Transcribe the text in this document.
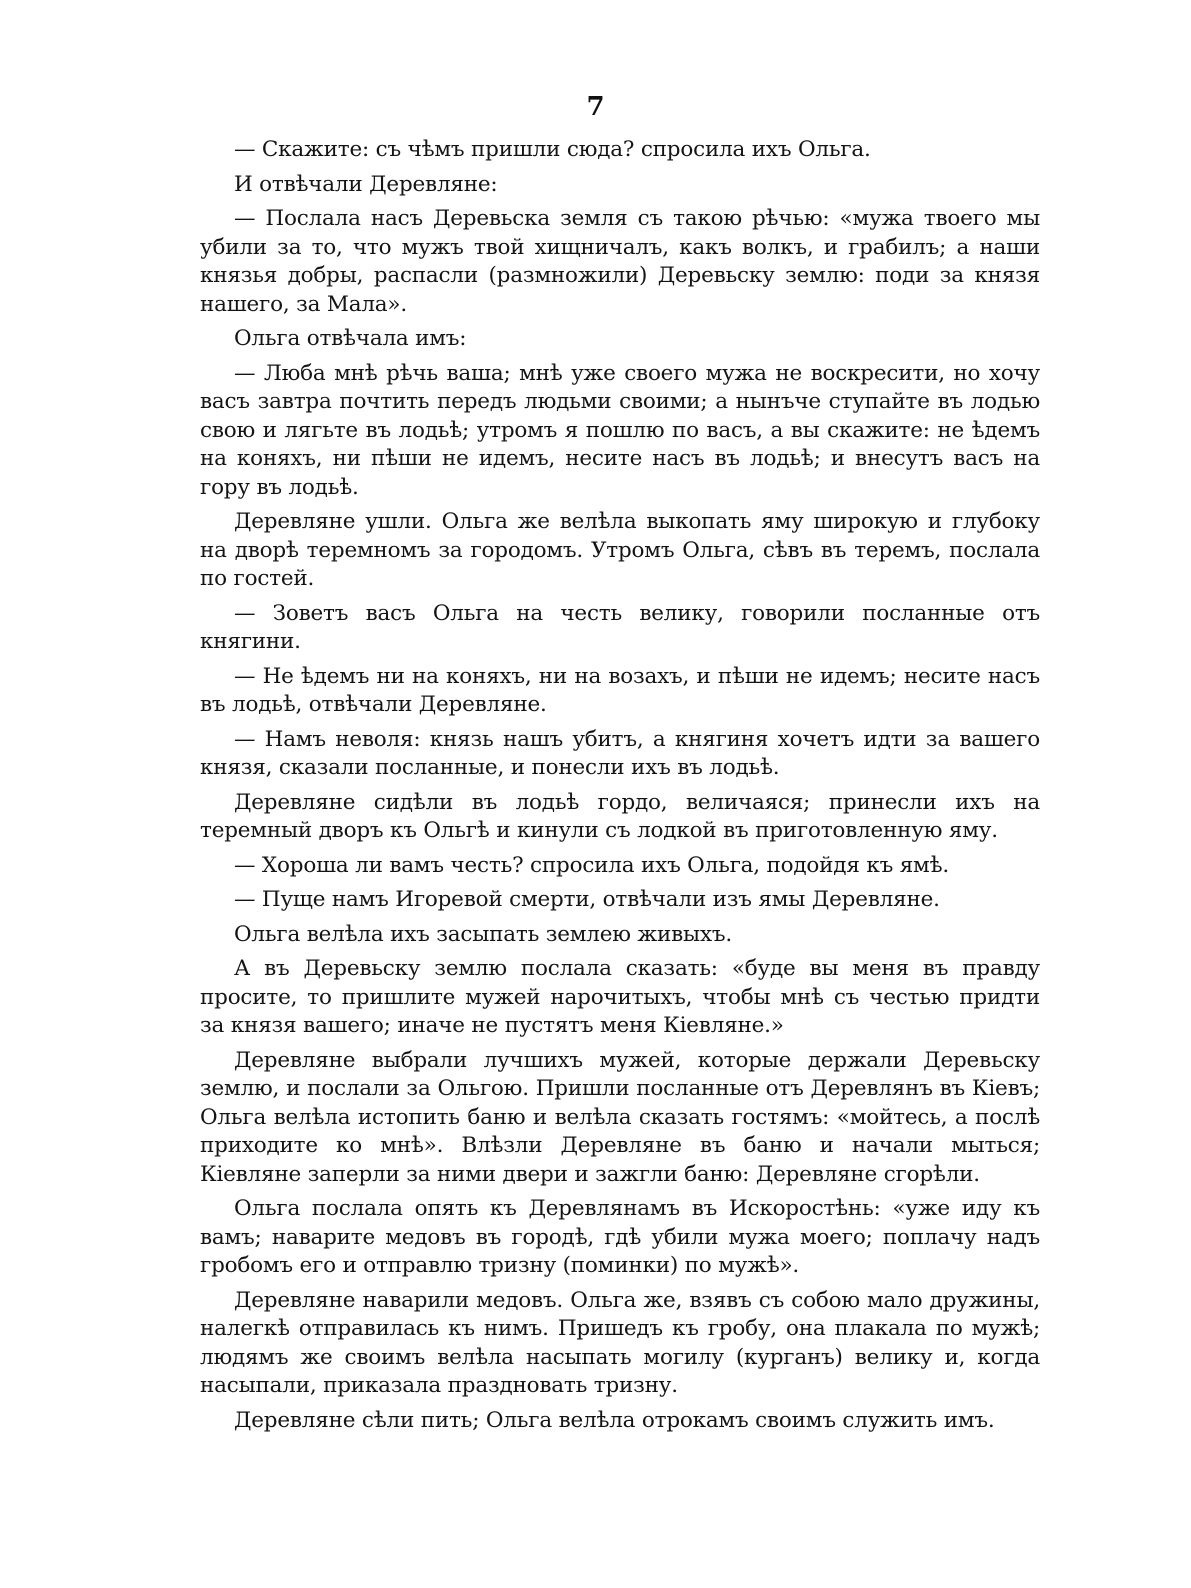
7

— Скажите: съ чѣмъ пришли сюда? спросила ихъ Ольга.

И отвѣчали Деревляне:

— Послала насъ Деревьска земля съ такою рѣчью: «мужа твоего мы убили за то, что мужъ твой хищничалъ, какъ волкъ, и грабилъ; а наши князья добры, распасли (размножили) Деревьску землю: поди за князя нашего, за Мала».

Ольга отвѣчала имъ:

— Люба мнѣ рѣчь ваша; мнѣ уже своего мужа не воскресити, но хочу васъ завтра почтить передъ людьми своими; а нынъче ступайте въ лодью свою и лягьте въ лодьѣ; утромъ я пошлю по васъ, а вы скажите: не ѣдемъ на коняхъ, ни пѣши не идемъ, несите насъ въ лодьѣ; и внесутъ васъ на гору въ лодьѣ.

Деревляне ушли. Ольга же велѣла выкопать яму широкую и глубоку на дворѣ теремномъ за городомъ. Утромъ Ольга, сѣвъ въ теремъ, послала по гостей.

— Зоветъ васъ Ольга на честь велику, говорили посланные отъ княгини.

— Не ѣдемъ ни на коняхъ, ни на возахъ, и пѣши не идемъ; несите насъ въ лодьѣ, отвѣчали Деревляне.

— Намъ неволя: князь нашъ убитъ, а княгиня хочетъ идти за вашего князя, сказали посланные, и понесли ихъ въ лодьѣ.

Деревляне сидѣли въ лодьѣ гордо, величаяся; принесли ихъ на теремный дворъ къ Ольгѣ и кинули съ лодкой въ приготовленную яму.

— Хороша ли вамъ честь? спросила ихъ Ольга, подойдя къ ямѣ.

— Пуще намъ Игоревой смерти, отвѣчали изъ ямы Деревляне.

Ольга велѣла ихъ засыпать землею живыхъ.

А въ Деревьску землю послала сказать: «буде вы меня въ правду просите, то пришлите мужей нарочитыхъ, чтобы мнѣ съ честью придти за князя вашего; иначе не пустятъ меня Кіевляне.»

Деревляне выбрали лучшихъ мужей, которые держали Деревьску землю, и послали за Ольгою. Пришли посланные отъ Деревлянъ въ Кіевъ; Ольга велѣла истопить баню и велѣла сказать гостямъ: «мойтесь, а послѣ приходите ко мнѣ». Влѣзли Деревляне въ баню и начали мыться; Кіевляне заперли за ними двери и зажгли баню: Деревляне сгорѣли.

Ольга послала опять къ Деревлянамъ въ Искоростѣнь: «уже иду къ вамъ; наварите медовъ въ городѣ, гдѣ убили мужа моего; поплачу надъ гробомъ его и отправлю тризну (поминки) по мужѣ».

Деревляне наварили медовъ. Ольга же, взявъ съ собою мало дружины, налегкѣ отправилась къ нимъ. Пришедъ къ гробу, она плакала по мужѣ; людямъ же своимъ велѣла насыпать могилу (курганъ) велику и, когда насыпали, приказала праздновать тризну.

Деревляне сѣли пить; Ольга велѣла отрокамъ своимъ служить имъ.
